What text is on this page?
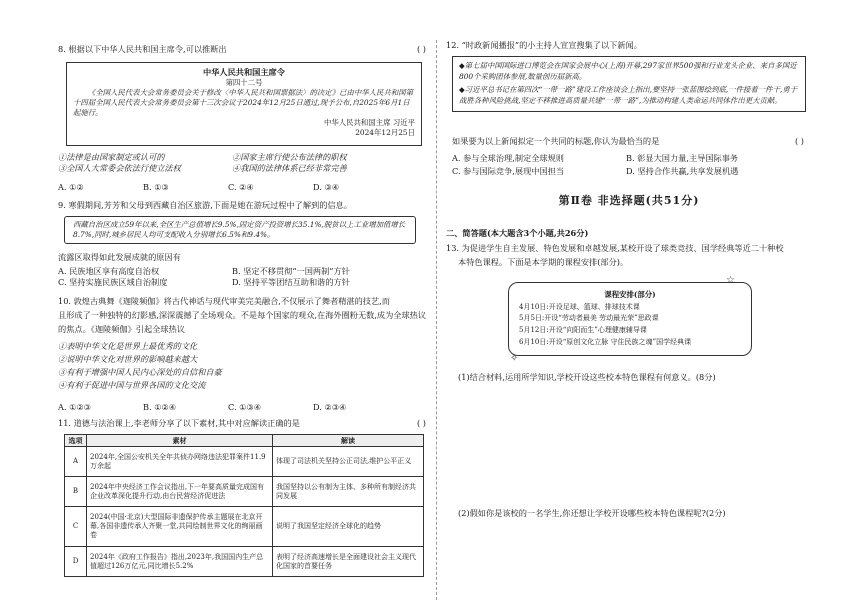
8. 根据以下中华人民共和国主席令,可以推断出	( )
中华人民共和国主席令
第四十二号
《全国人民代表大会常务委员会关于修改〈中华人民共和国票据法〉的决定》已由中华人民共和国第十四届全国人民代表大会常务委员会第十三次会议于2024年12月25日通过,现予公布,自2025年6月1日起施行。
中华人民共和国主席 习近平
2024年12月25日
①法律是由国家制定或认可的	②国家主席行使公布法律的职权
③全国人大常委会依法行使立法权	④我国的法律体系已经非常完善
A. ①②	B. ①③	C. ②④	D. ③④
9. 寒假期间,芳芳和父母到西藏自治区旅游,下面是她在游玩过程中了解到的信息。
西藏自治区成立59年以来,全区生产总值增长9.5%,固定资产投资增长35.1%,脱贫以上工业增加值增长8.7%,同时,城乡居民人均可支配收入分别增长6.5%和9.4%。
流露区取得如此发展成就的原因有
A. 民族地区享有高度自治权	B. 坚定不移贯彻“一国两制”方针
C. 坚持实施民族区域自治制度	D. 坚持平等团结互助和谐的方针
10. 敦煌古典舞《迦陵频伽》将古代神话与现代审美完美融合,不仅展示了舞者精湛的技艺,而
且形成了一种独特的幻影感,深深震撼了全场观众。不是每个国家的观众,在海外圈粉无数,成为全球热议
的焦点。《迦陵频伽》引起全球热议
①表明中华文化是世界上最优秀的文化
②说明中华文化对世界的影响越来越大
③有利于增强中国人民内心深处的自信和自豪
④有利于促进中国与世界各国的文化交流
A. ①②③	B. ①②④	C. ①③④	D. ②③④
11. 道德与法治课上,李老师分享了以下素材,其中对应解读正确的是	( )
选项	素材	解读
A	2024年,全国公安机关全年共侦办网络违法犯罪案件11.9万余起	体现了司法机关坚持公正司法,维护公平正义
B	2024年中央经济工作会议指出,下一年要高质量完成国有企业改革深化提升行动,由台民营经济促进法	我国坚持以公有制为主体、多种所有制经济共同发展
C	2024(中国·北京)大型国际非遗保护传承主题展在北京开幕,各国非遗传承人齐聚一堂,共同绘制世界文化的绚丽画卷	说明了我国坚定经济全球化的趋势
D	2024年《政府工作报告》指出,2023年,我国国内生产总值超过126万亿元,同比增长5.2%	表明了经济高速增长是全面建设社会主义现代化国家的首要任务
12. “时政新闻播报”的小主持人宣宣搜集了以下新闻。
◆第七届中国国际进口博览会在国家会展中心(上海)开幕,297家世界500强和行业龙头企业、来自多国近800个采购团体参展,数量创历届新高。
◆习近平总书记在第四次“一带一路”建设工作座谈会上指出,要坚持一张蓝图绘到底,一件接着一件干,勇于战胜各种风险挑战,坚定不移推进高质量共建“一带一路”,为推动构建人类命运共同体作出更大贡献。
如果要为以上新闻拟定一个共同的标题,你认为最恰当的是	( )
A. 参与全球治理,制定全球规则	B. 彰显大国力量,主导国际事务
C. 参与国际竞争,展现中国担当	D. 坚持合作共赢,共享发展机遇
第Ⅱ卷 非选择题(共51分)
二、简答题(本大题含3个小题,共26分)
13. 为促进学生自主发展、特色发展和卓越发展,某校开设了球类竞技、国学经典等近二十种校
本特色课程。下面是本学期的课程安排(部分)。
课程安排(部分)
4月10日:开设足球、篮球、排球技术课
5月5日:开设“劳动者最美 劳动最光荣”思政课
5月12日:开设“向阳而生”心理健康辅导课
6月10日:开设“原创文化立脉 守住民族之魂”国学经典课
☆
✧
(1)结合材料,运用所学知识,学校开设这些校本特色课程有何意义。(8分)
(2)假如你是该校的一名学生,你还想让学校开设哪些校本特色课程呢?(2分)
